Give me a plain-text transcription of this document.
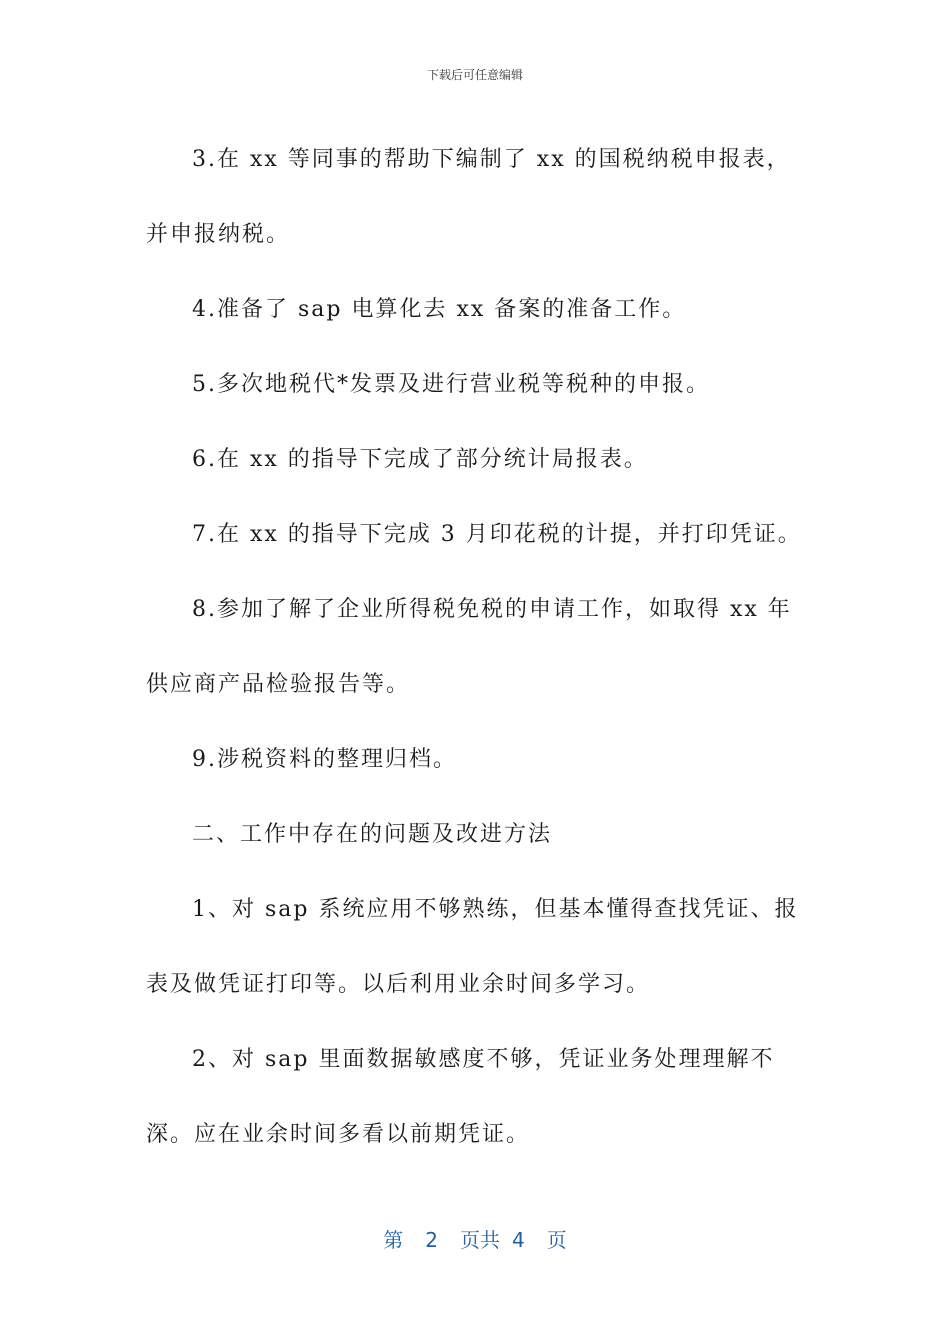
下载后可任意编辑

3.在 xx 等同事的帮助下编制了 xx 的国税纳税申报表，并申报纳税。

4.准备了 sap 电算化去 xx 备案的准备工作。

5.多次地税代*发票及进行营业税等税种的申报。

6.在 xx 的指导下完成了部分统计局报表。

7.在 xx 的指导下完成 3 月印花税的计提，并打印凭证。

8.参加了解了企业所得税免税的申请工作，如取得 xx 年供应商产品检验报告等。

9.涉税资料的整理归档。

二、工作中存在的问题及改进方法

1、对 sap 系统应用不够熟练，但基本懂得查找凭证、报表及做凭证打印等。以后利用业余时间多学习。

2、对 sap 里面数据敏感度不够，凭证业务处理理解不深。应在业余时间多看以前期凭证。

第 2 页共 4 页
